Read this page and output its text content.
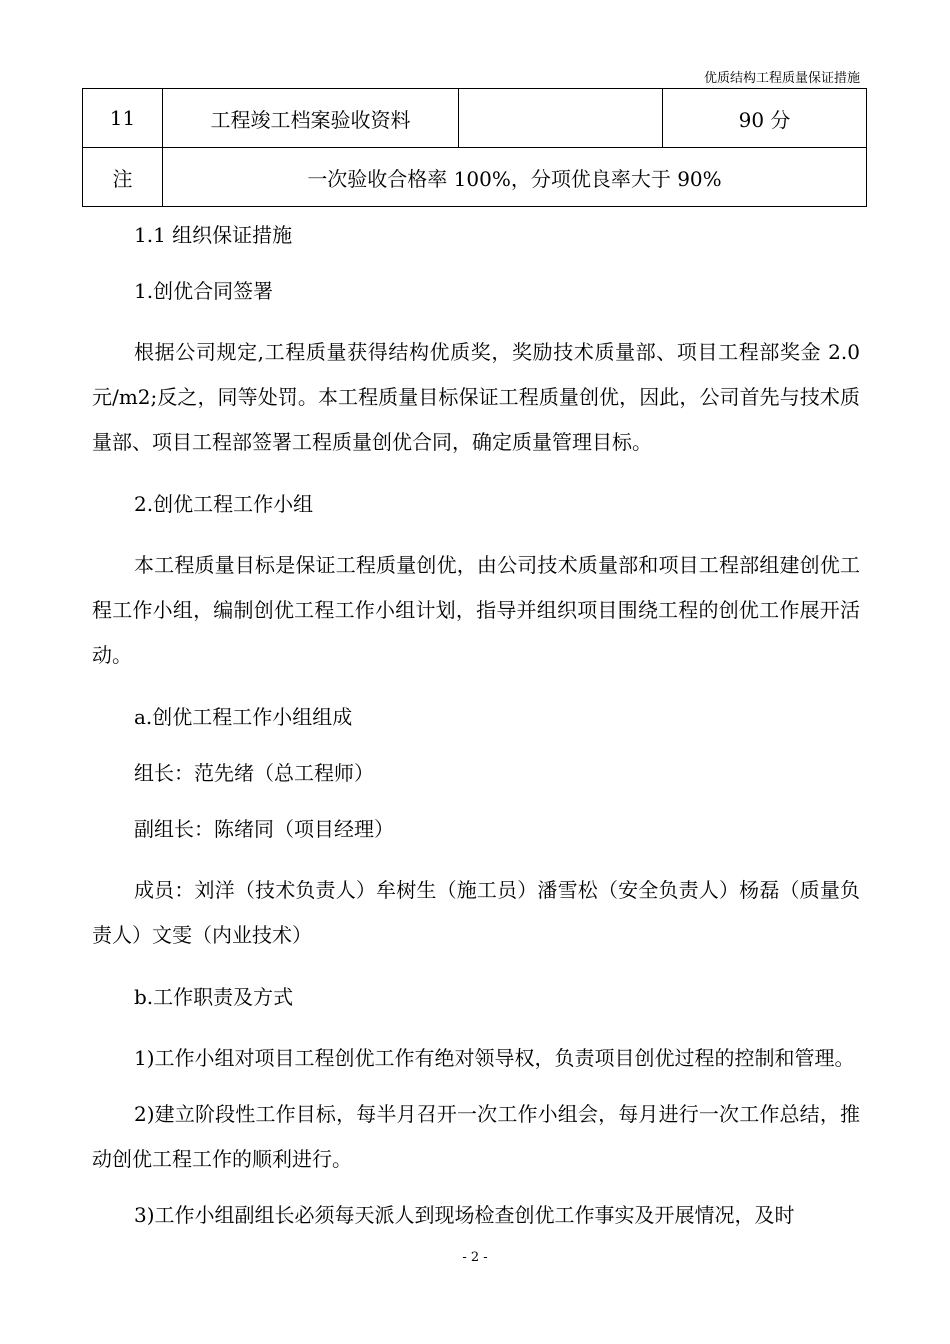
优质结构工程质量保证措施
11	工程竣工档案验收资料		90 分
注	一次验收合格率 100%，分项优良率大于 90%		

1.1 组织保证措施

1.创优合同签署

根据公司规定,工程质量获得结构优质奖，奖励技术质量部、项目工程部奖金 2.0 元/m2;反之，同等处罚。本工程质量目标保证工程质量创优，因此，公司首先与技术质量部、项目工程部签署工程质量创优合同，确定质量管理目标。

2.创优工程工作小组

本工程质量目标是保证工程质量创优，由公司技术质量部和项目工程部组建创优工程工作小组，编制创优工程工作小组计划，指导并组织项目围绕工程的创优工作展开活动。

a.创优工程工作小组组成

组长：范先绪（总工程师）

副组长：陈绪同（项目经理）

成员：刘洋（技术负责人）牟树生（施工员）潘雪松（安全负责人）杨磊（质量负责人）文雯（内业技术）

b.工作职责及方式

1)工作小组对项目工程创优工作有绝对领导权，负责项目创优过程的控制和管理。

2)建立阶段性工作目标，每半月召开一次工作小组会，每月进行一次工作总结，推动创优工程工作的顺利进行。

3)工作小组副组长必须每天派人到现场检查创优工作事实及开展情况，及时

- 2 -
